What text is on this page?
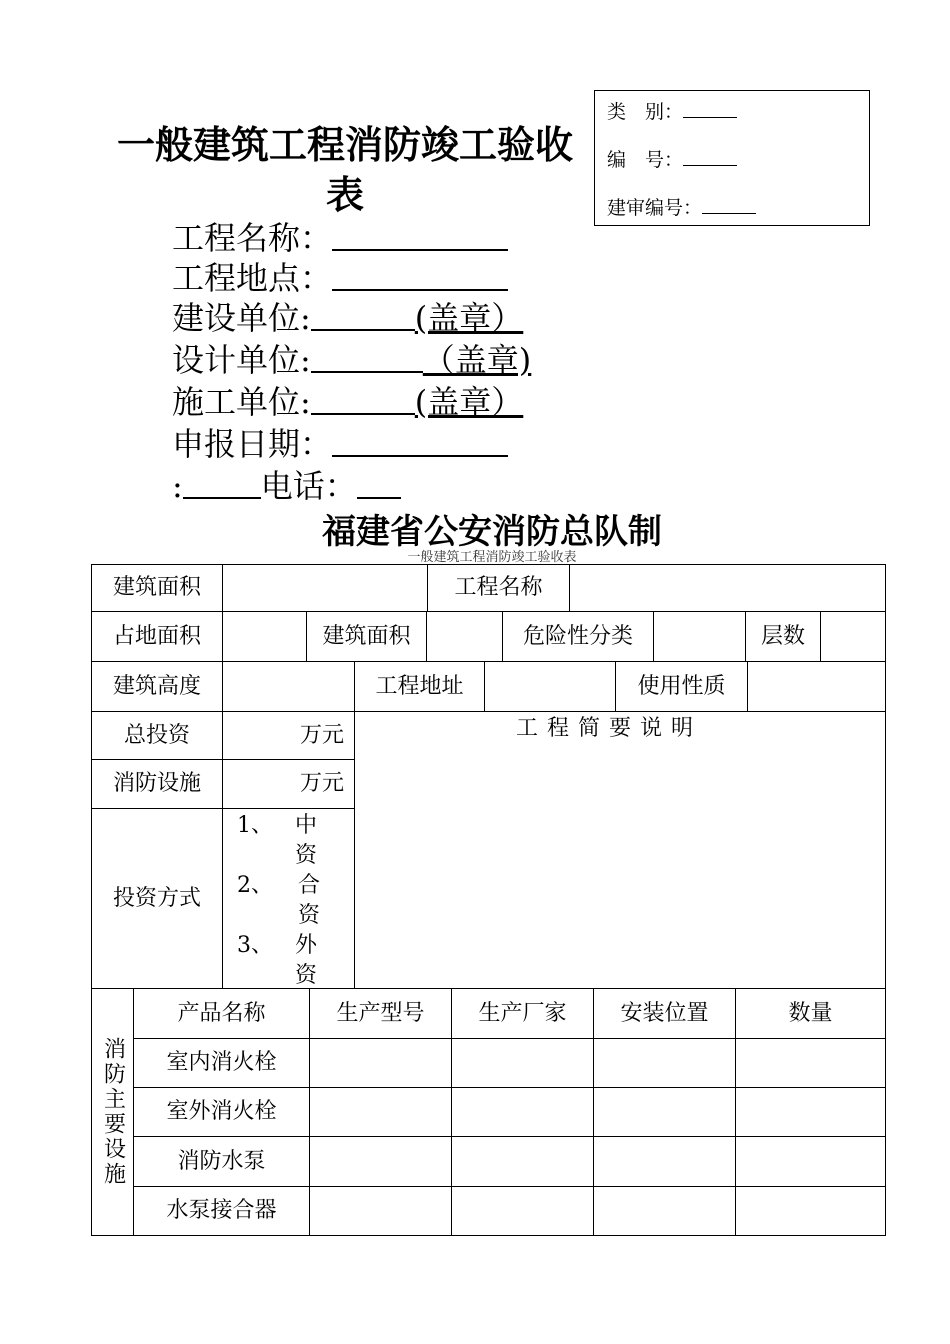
类　别：
编　号：
建审编号：
一般建筑工程消防竣工验收表
工程名称：
工程地点：
建设单位:	(盖章）
设计单位:	（盖章)
施工单位:	(盖章）
申报日期：
: 电话：
福建省公安消防总队制
一般建筑工程消防竣工验收表
建筑面积	工程名称
占地面积	建筑面积	危险性分类	层数
建筑高度	工程地址	使用性质
总投资	万元
消防设施	万元
投资方式
1、 中
资
2、	合
资
3、 外
资
工 程 简 要 说 明
消防主要设施
产品名称	生产型号	生产厂家	安装位置	数量
室内消火栓
室外消火栓
消防水泵
水泵接合器
